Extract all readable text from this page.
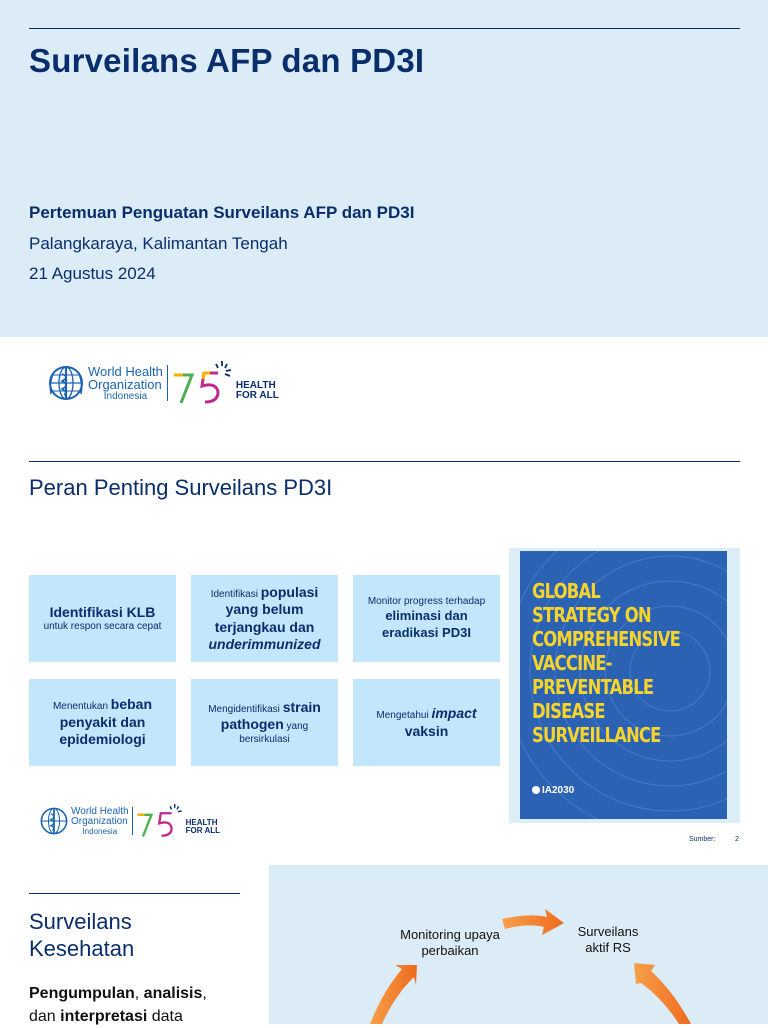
Surveilans AFP dan PD3I
Pertemuan Penguatan Surveilans AFP dan PD3I
Palangkaraya, Kalimantan Tengah
21 Agustus 2024
World Health
Organization
Indonesia
HEALTH
FOR ALL
Peran Penting Surveilans PD3I
Identifikasi KLB
untuk respon secara cepat
Identifikasi populasi yang belum terjangkau dan underimmunized
Monitor progress terhadap
eliminasi dan eradikasi PD3I
Menentukan beban penyakit dan epidemiologi
Mengidentifikasi strain pathogen yang bersirkulasi
Mengetahui impact
vaksin
GLOBAL
STRATEGY ON
COMPREHENSIVE
VACCINE-
PREVENTABLE
DISEASE
SURVEILLANCE
IA2030
World Health
Organization
Indonesia
HEALTH
FOR ALL
Sumber:	2
Surveilans Kesehatan
Pengumpulan, analisis,
dan interpretasi data
Monitoring upaya perbaikan
Surveilans aktif RS
